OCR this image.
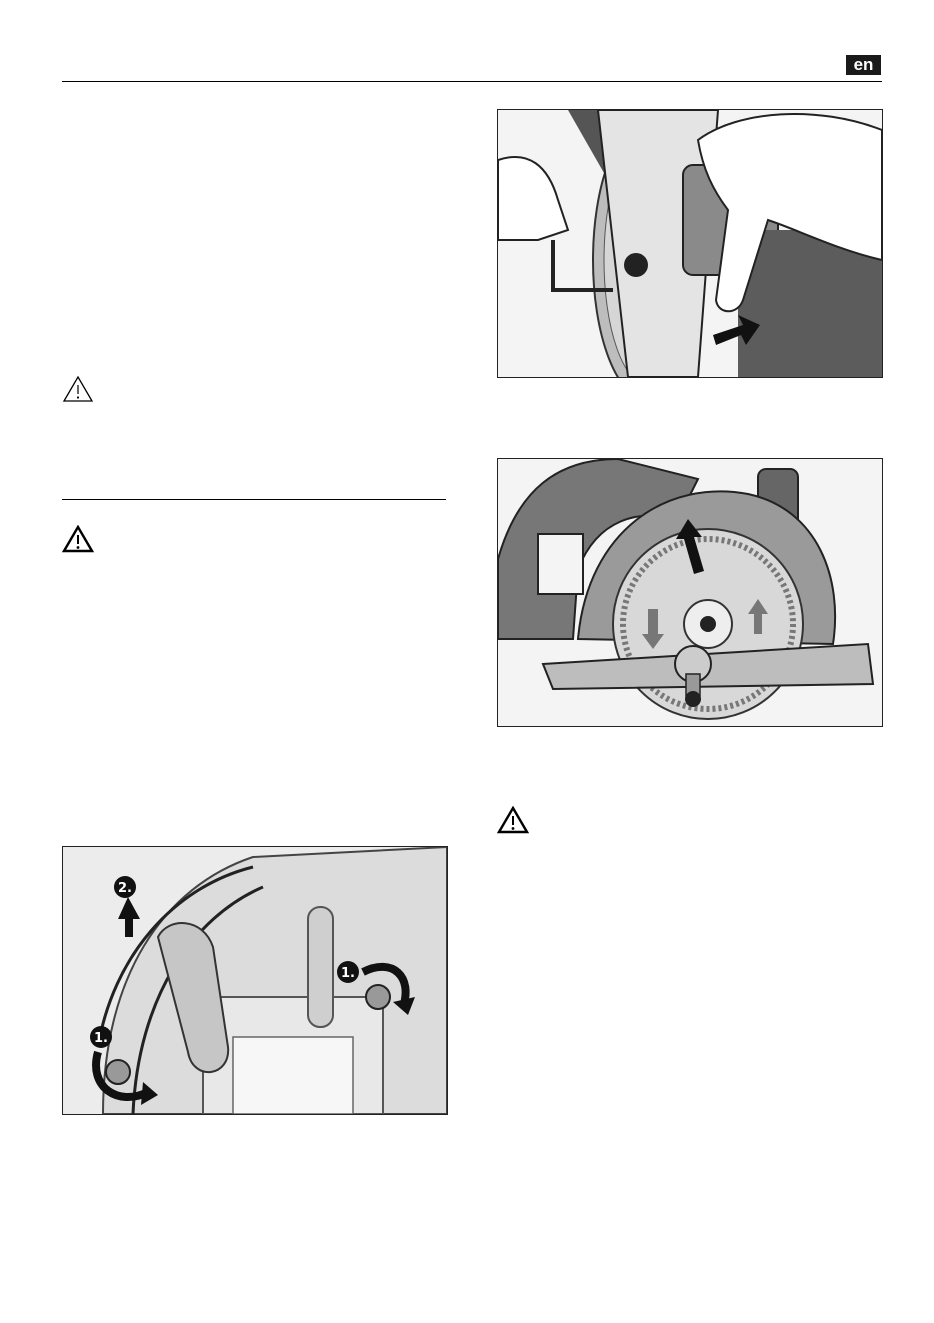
en
2.
1.
1.
